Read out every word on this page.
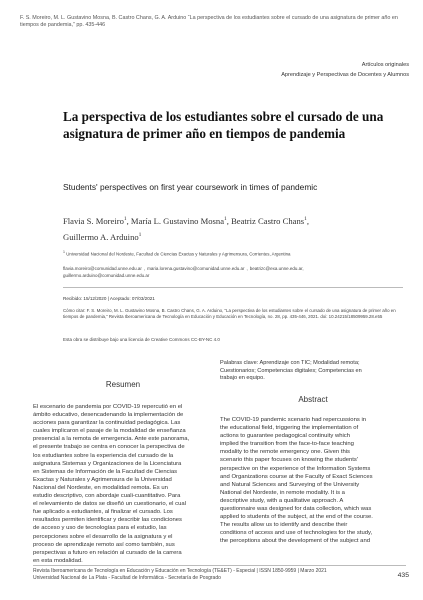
F. S. Moreiro, M. L. Gustavino Mosna, B. Castro Chans, G. A. Arduino “La perspectiva de los estudiantes sobre el cursado de una asignatura de primer año en tiempos de pandemia,” pp. 435-446
Artículos originales
Aprendizaje y Perspectivas de Docentes y Alumnos
La perspectiva de los estudiantes sobre el cursado de una asignatura de primer año en tiempos de pandemia
Students' perspectives on first year coursework in times of pandemic
Flavia S. Moreiro$^1$, María L. Gustavino Mosna$^1$, Beatriz Castro Chans$^1$,
Guillermo A. Arduino$^1$
$^1$ Universidad Nacional del Nordeste, Facultad de Ciencias Exactas y Naturales y Agrimensura, Corrientes, Argentina
flavia.moreiro@comunidad.unne.edu.ar , maria.lorena.gustavino@comunidad.unne.edu.ar , beatrizc@exa.unne.edu.ar,
guillermo.arduino@comunidad.unne.edu.ar
Recibido: 15/12/2020 | Aceptado: 07/03/2021
Cómo citar: F. S. Moreiro, M. L. Gustavino Mosna, B. Castro Chans, G. A. Arduino, “La perspectiva de los estudiantes sobre el cursado de una asignatura de primer año en tiempos de pandemia,” Revista Iberoamericana de Tecnología en Educación y Educación en Tecnología, no. 28, pp. 435-446, 2021. doi: 10.24215/18509959.28.e55
Esta obra se distribuye bajo una licencia de Creative Commons CC-BY-NC 4.0
Resumen
El escenario de pandemia por COVID-19 repercutió en el
ámbito educativo, desencadenando la implementación de
acciones para garantizar la continuidad pedagógica. Las
cuales implicaron el pasaje de la modalidad de enseñanza
presencial a la remota de emergencia. Ante este panorama,
el presente trabajo se centra en conocer la perspectiva de
los estudiantes sobre la experiencia del cursado de la
asignatura Sistemas y Organizaciones de la Licenciatura
en Sistemas de Información de la Facultad de Ciencias
Exactas y Naturales y Agrimensura de la Universidad
Nacional del Nordeste, en modalidad remota. Es un
estudio descriptivo, con abordaje cuali-cuantitativo. Para
el relevamiento de datos se diseñó un cuestionario, el cual
fue aplicado a estudiantes, al finalizar el cursado. Los
resultados permiten identificar y describir las condiciones
de acceso y uso de tecnologías para el estudio, las
percepciones sobre el desarrollo de la asignatura y el
proceso de aprendizaje remoto así como también, sus
perspectivas a futuro en relación al cursado de la carrera
en esta modalidad.
Palabras clave: Aprendizaje con TIC; Modalidad remota;
Cuestionarios; Competencias digitales; Competencias en
trabajo en equipo.
Abstract
The COVID-19 pandemic scenario had repercussions in
the educational field, triggering the implementation of
actions to guarantee pedagogical continuity which
implied the transition from the face-to-face teaching
modality to the remote emergency one. Given this
scenario this paper focuses on knowing the students'
perspective on the experience of the Information Systems
and Organizations course at the Faculty of Exact Sciences
and Natural Sciences and Surveying of the University
National del Nordeste, in remote modality. It is a
descriptive study, with a qualitative approach. A
questionnaire was designed for data collection, which was
applied to students of the subject, at the end of the course.
The results allow us to identify and describe their
conditions of access and use of technologies for the study,
the perceptions about the development of the subject and
Revista Iberoamericana de Tecnología en Educación y Educación en Tecnología (TE&ET) - Especial | ISSN 1850-9959 | Marzo 2021
Universidad Nacional de La Plata - Facultad de Informática - Secretaría de Posgrado	435
